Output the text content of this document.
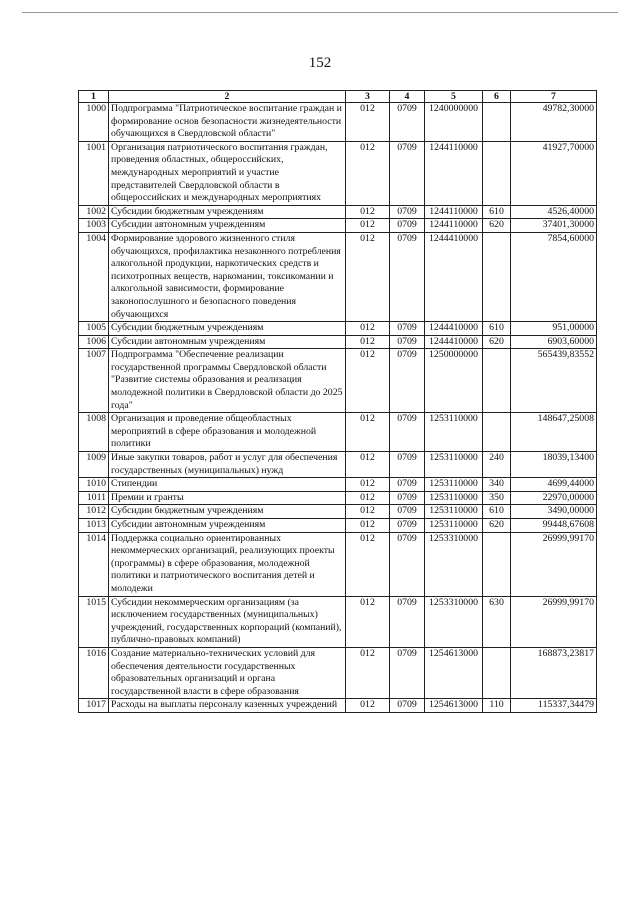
152
1	2	3	4	5	6	7
1000	Подпрограмма "Патриотическое воспитание граждан и формирование основ безопасности жизнедеятельности обучающихся в Свердловской области"	012	0709	1240000000		49782,30000
1001	Организация патриотического воспитания граждан, проведения областных, общероссийских, международных мероприятий и участие представителей Свердловской области в общероссийских и международных мероприятиях	012	0709	1244110000		41927,70000
1002	Субсидии бюджетным учреждениям	012	0709	1244110000	610	4526,40000
1003	Субсидии автономным учреждениям	012	0709	1244110000	620	37401,30000
1004	Формирование здорового жизненного стиля обучающихся, профилактика незаконного потребления алкогольной продукции, наркотических средств и психотропных веществ, наркомании, токсикомании и алкогольной зависимости, формирование законопослушного и безопасного поведения обучающихся	012	0709	1244410000		7854,60000
1005	Субсидии бюджетным учреждениям	012	0709	1244410000	610	951,00000
1006	Субсидии автономным учреждениям	012	0709	1244410000	620	6903,60000
1007	Подпрограмма "Обеспечение реализации государственной программы Свердловской области "Развитие системы образования и реализация молодежной политики в Свердловской области до 2025 года"	012	0709	1250000000		565439,83552
1008	Организация и проведение общеобластных мероприятий в сфере образования и молодежной политики	012	0709	1253110000		148647,25008
1009	Иные закупки товаров, работ и услуг для обеспечения государственных (муниципальных) нужд	012	0709	1253110000	240	18039,13400
1010	Стипендии	012	0709	1253110000	340	4699,44000
1011	Премии и гранты	012	0709	1253110000	350	22970,00000
1012	Субсидии бюджетным учреждениям	012	0709	1253110000	610	3490,00000
1013	Субсидии автономным учреждениям	012	0709	1253110000	620	99448,67608
1014	Поддержка социально ориентированных некоммерческих организаций, реализующих проекты (программы) в сфере образования, молодежной политики и патриотического воспитания детей и молодежи	012	0709	1253310000		26999,99170
1015	Субсидии некоммерческим организациям (за исключением государственных (муниципальных) учреждений, государственных корпораций (компаний), публично-правовых компаний)	012	0709	1253310000	630	26999,99170
1016	Создание материально-технических условий для обеспечения деятельности государственных образовательных организаций и органа государственной власти в сфере образования	012	0709	1254613000		168873,23817
1017	Расходы на выплаты персоналу казенных учреждений	012	0709	1254613000	110	115337,34479
